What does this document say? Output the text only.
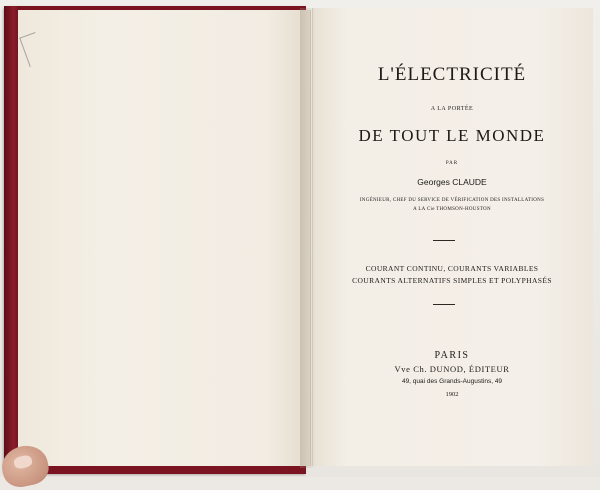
L'ÉLECTRICITÉ
A LA PORTÉE
DE TOUT LE MONDE
PAR
Georges CLAUDE
INGÉNIEUR, CHEF DU SERVICE DE VÉRIFICATION DES INSTALLATIONS
A LA Cie THOMSON-HOUSTON
COURANT CONTINU, COURANTS VARIABLES
COURANTS ALTERNATIFS SIMPLES ET POLYPHASÉS
PARIS
Vve Ch. DUNOD, ÉDITEUR
49, quai des Grands-Augustins, 49
1902
